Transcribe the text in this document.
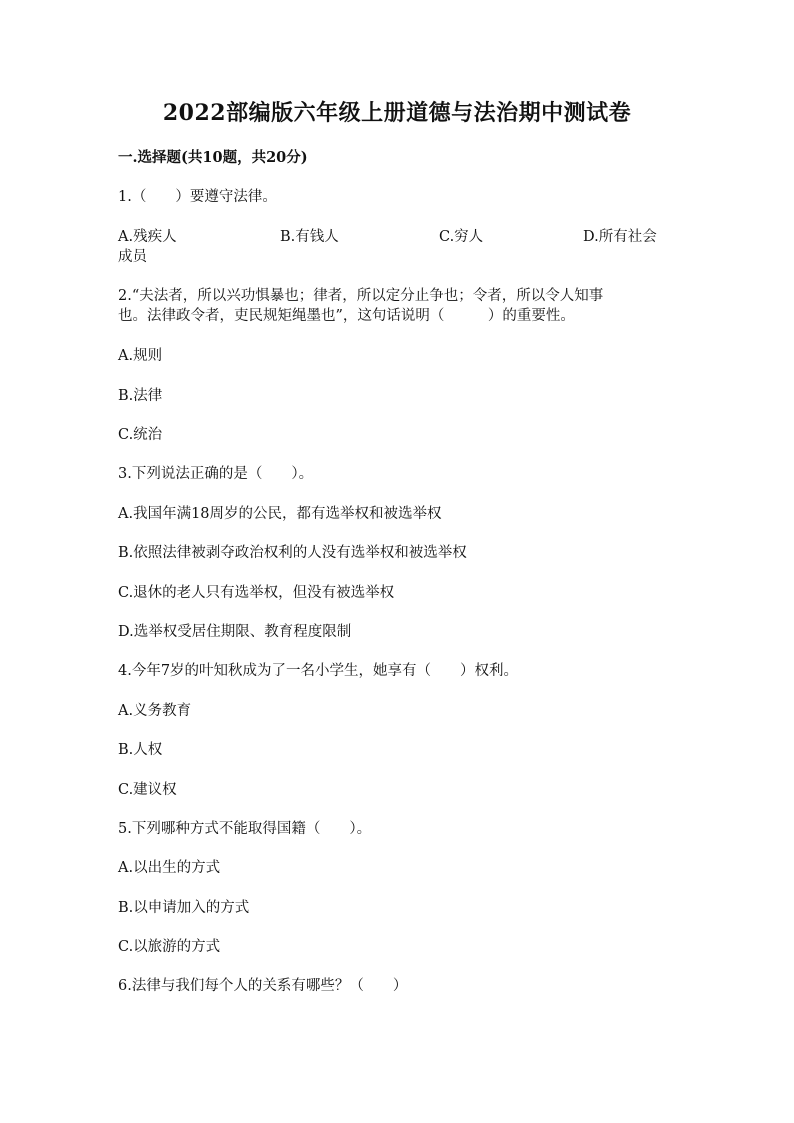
2022部编版六年级上册道德与法治期中测试卷
一.选择题(共10题，共20分)
1.（　　）要遵守法律。
A.残疾人	B.有钱人	C.穷人	D.所有社会
成员
2.“夫法者，所以兴功惧暴也；律者，所以定分止争也；令者，所以令人知事
也。法律政令者，吏民规矩绳墨也”，这句话说明（　　　）的重要性。
A.规则
B.法律
C.统治
3.下列说法正确的是（　　）。
A.我国年满18周岁的公民，都有选举权和被选举权
B.依照法律被剥夺政治权利的人没有选举权和被选举权
C.退休的老人只有选举权，但没有被选举权
D.选举权受居住期限、教育程度限制
4.今年7岁的叶知秋成为了一名小学生，她享有（　　）权利。
A.义务教育
B.人权
C.建议权
5.下列哪种方式不能取得国籍（　　）。
A.以出生的方式
B.以申请加入的方式
C.以旅游的方式
6.法律与我们每个人的关系有哪些？（　　）
